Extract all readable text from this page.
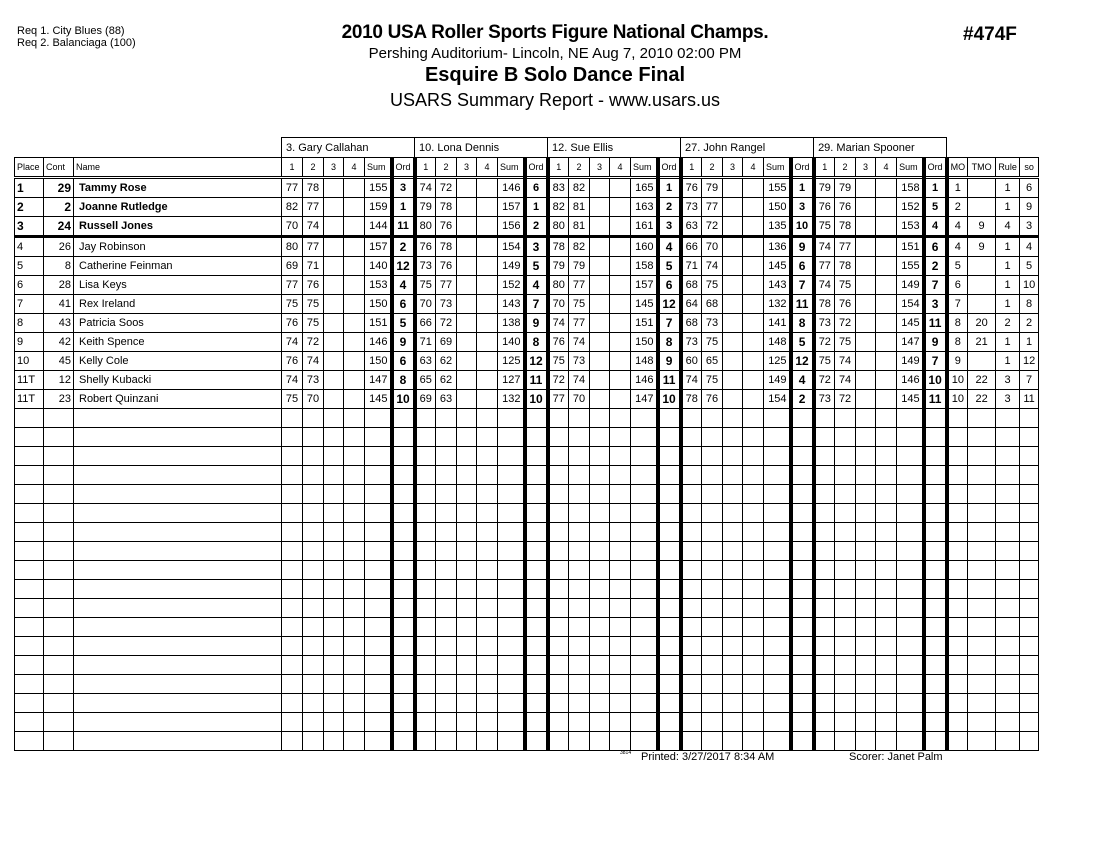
Req 1. City Blues (88)
Req 2. Balanciaga (100)	2010 USA Roller Sports Figure National Champs.
Pershing Auditorium- Lincoln, NE Aug 7, 2010 02:00 PM
Esquire B Solo Dance Final
USARS Summary Report - www.usars.us
#474F
			3. Gary Callahan						10. Lona Dennis						12. Sue Ellis						27. John Rangel						29. Marian Spooner									
Place	Cont	Name	1	2	3	4	Sum	Ord	1	2	3	4	Sum	Ord	1	2	3	4	Sum	Ord	1	2	3	4	Sum	Ord	1	2	3	4	Sum	Ord	MO	TMO	Rule	so
1	29	Tammy Rose	77	78			155	3	74	72			146	6	83	82			165	1	76	79			155	1	79	79			158	1	1		1	6
2	2	Joanne Rutledge	82	77			159	1	79	78			157	1	82	81			163	2	73	77			150	3	76	76			152	5	2		1	9
3	24	Russell Jones	70	74			144	11	80	76			156	2	80	81			161	3	63	72			135	10	75	78			153	4	4	9	4	3
4	26	Jay Robinson	80	77			157	2	76	78			154	3	78	82			160	4	66	70			136	9	74	77			151	6	4	9	1	4
5	8	Catherine Feinman	69	71			140	12	73	76			149	5	79	79			158	5	71	74			145	6	77	78			155	2	5		1	5
6	28	Lisa Keys	77	76			153	4	75	77			152	4	80	77			157	6	68	75			143	7	74	75			149	7	6		1	10
7	41	Rex Ireland	75	75			150	6	70	73			143	7	70	75			145	12	64	68			132	11	78	76			154	3	7		1	8
8	43	Patricia Soos	76	75			151	5	66	72			138	9	74	77			151	7	68	73			141	8	73	72			145	11	8	20	2	2
9	42	Keith Spence	74	72			146	9	71	69			140	8	76	74			150	8	73	75			148	5	72	75			147	9	8	21	1	1
10	45	Kelly Cole	76	74			150	6	63	62			125	12	75	73			148	9	60	65			125	12	75	74			149	7	9		1	12
11T	12	Shelly Kubacki	74	73			147	8	65	62			127	11	72	74			146	11	74	75			149	4	72	74			146	10	10	22	3	7
11T	23	Robert Quinzani	75	70			145	10	69	63			132	10	77	70			147	10	78	76			154	2	73	72			145	11	10	22	3	11

3814 Printed: 3/27/2017 8:34 AM	Scorer: Janet Palm
